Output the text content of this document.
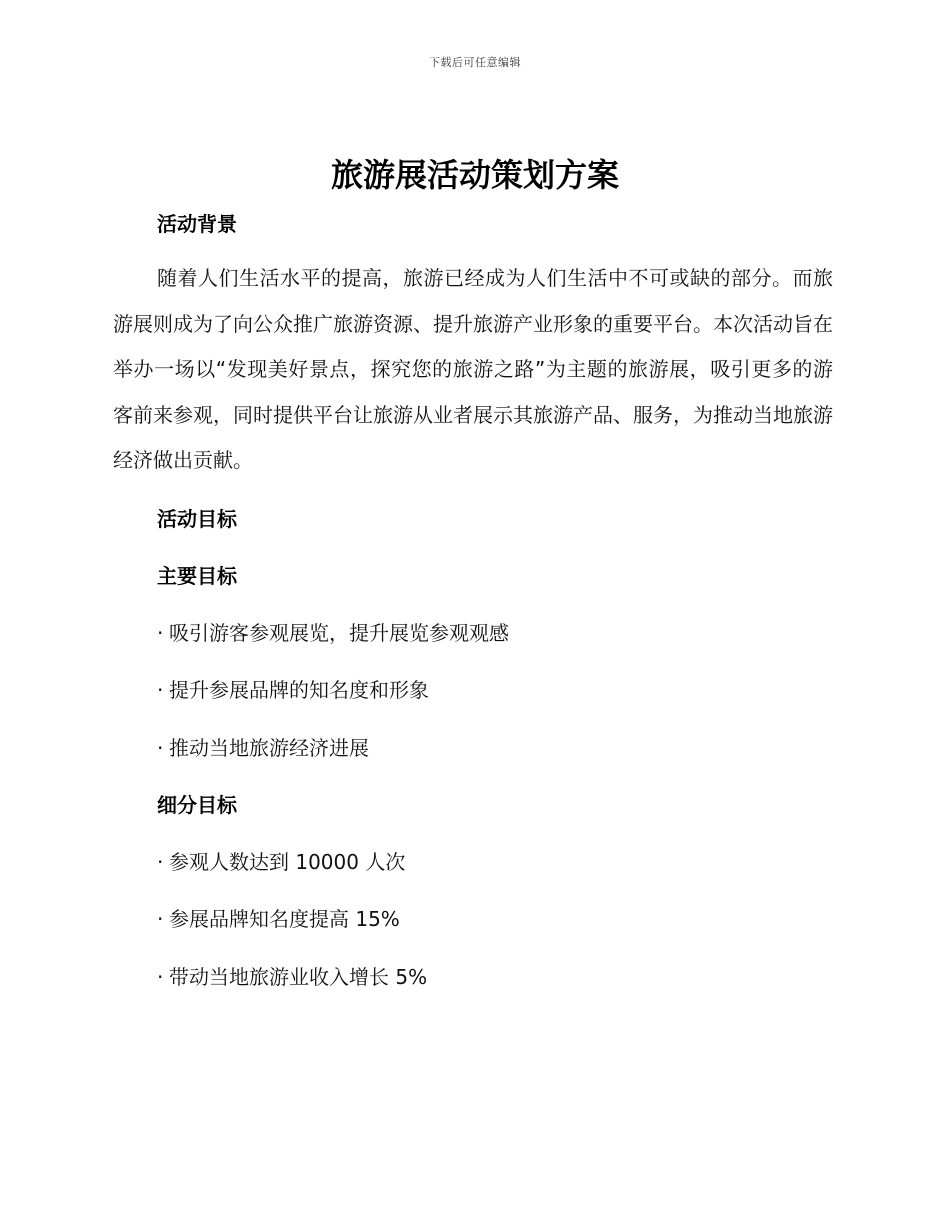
下载后可任意编辑
旅游展活动策划方案
活动背景

随着人们生活水平的提高，旅游已经成为人们生活中不可或缺的部分。而旅游展则成为了向公众推广旅游资源、提升旅游产业形象的重要平台。本次活动旨在举办一场以“发现美好景点，探究您的旅游之路”为主题的旅游展，吸引更多的游客前来参观，同时提供平台让旅游从业者展示其旅游产品、服务，为推动当地旅游经济做出贡献。

活动目标
主要目标

· 吸引游客参观展览，提升展览参观观感

· 提升参展品牌的知名度和形象

· 推动当地旅游经济进展

细分目标

· 参观人数达到 10000 人次

· 参展品牌知名度提高 15%

· 带动当地旅游业收入增长 5%
